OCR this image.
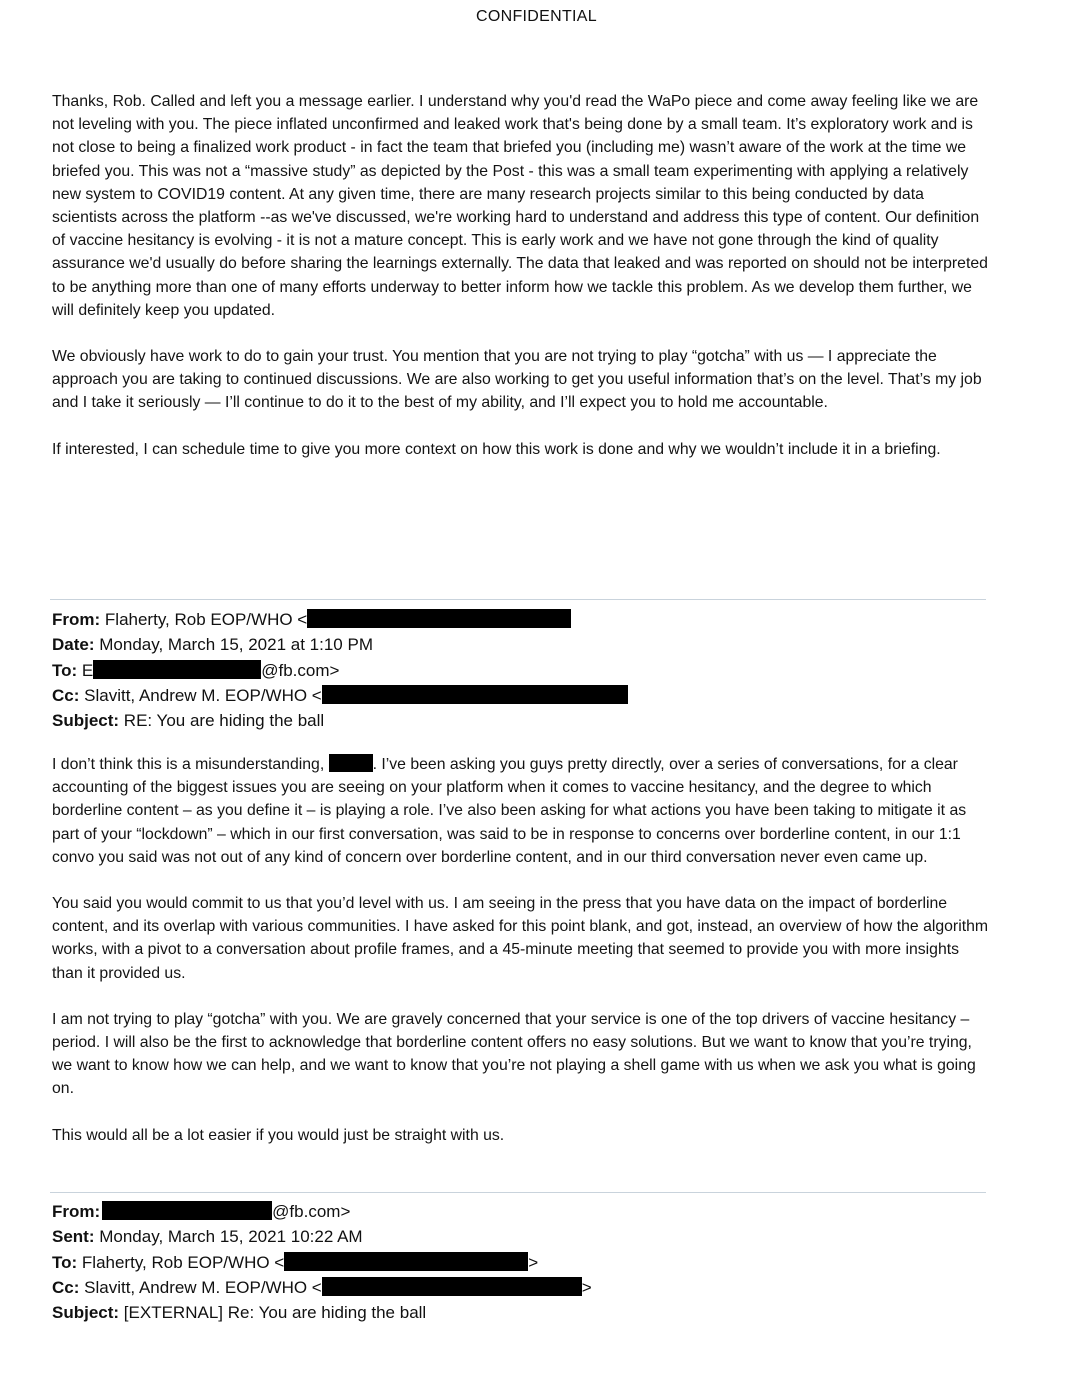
CONFIDENTIAL

Thanks, Rob. Called and left you a message earlier. I understand why you'd read the WaPo piece and come away feeling like we are not leveling with you. The piece inflated unconfirmed and leaked work that's being done by a small team. It’s exploratory work and is not close to being a finalized work product - in fact the team that briefed you (including me) wasn’t aware of the work at the time we briefed you. This was not a “massive study” as depicted by the Post - this was a small team experimenting with applying a relatively new system to COVID19 content. At any given time, there are many research projects similar to this being conducted by data scientists across the platform --as we've discussed, we're working hard to understand and address this type of content. Our definition of vaccine hesitancy is evolving - it is not a mature concept. This is early work and we have not gone through the kind of quality assurance we'd usually do before sharing the learnings externally. The data that leaked and was reported on should not be interpreted to be anything more than one of many efforts underway to better inform how we tackle this problem. As we develop them further, we will definitely keep you updated.

We obviously have work to do to gain your trust. You mention that you are not trying to play “gotcha” with us — I appreciate the approach you are taking to continued discussions. We are also working to get you useful information that’s on the level. That’s my job and I take it seriously — I’ll continue to do it to the best of my ability, and I’ll expect you to hold me accountable.

If interested, I can schedule time to give you more context on how this work is done and why we wouldn’t include it in a briefing.

From: Flaherty, Rob EOP/WHO <
Date: Monday, March 15, 2021 at 1:10 PM
To: E	@fb.com>
Cc: Slavitt, Andrew M. EOP/WHO <
Subject: RE: You are hiding the ball

I don’t think this is a misunderstanding,	. I’ve been asking you guys pretty directly, over a series of conversations, for a clear accounting of the biggest issues you are seeing on your platform when it comes to vaccine hesitancy, and the degree to which borderline content – as you define it – is playing a role. I’ve also been asking for what actions you have been taking to mitigate it as part of your “lockdown” – which in our first conversation, was said to be in response to concerns over borderline content, in our 1:1 convo you said was not out of any kind of concern over borderline content, and in our third conversation never even came up.

You said you would commit to us that you’d level with us. I am seeing in the press that you have data on the impact of borderline content, and its overlap with various communities. I have asked for this point blank, and got, instead, an overview of how the algorithm works, with a pivot to a conversation about profile frames, and a 45-minute meeting that seemed to provide you with more insights than it provided us.

I am not trying to play “gotcha” with you. We are gravely concerned that your service is one of the top drivers of vaccine hesitancy – period. I will also be the first to acknowledge that borderline content offers no easy solutions. But we want to know that you’re trying, we want to know how we can help, and we want to know that you’re not playing a shell game with us when we ask you what is going on.

This would all be a lot easier if you would just be straight with us.

From:	@fb.com>
Sent: Monday, March 15, 2021 10:22 AM
To: Flaherty, Rob EOP/WHO <	>
Cc: Slavitt, Andrew M. EOP/WHO <	>
Subject: [EXTERNAL] Re: You are hiding the ball
